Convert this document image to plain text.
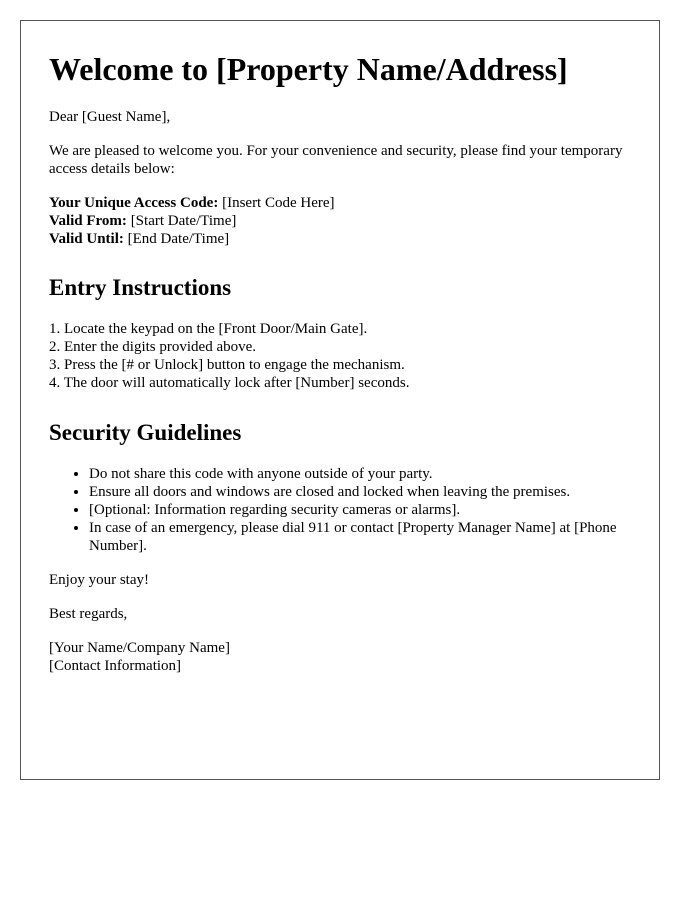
Welcome to [Property Name/Address]

Dear [Guest Name],

We are pleased to welcome you. For your convenience and security, please find your temporary access details below:

Your Unique Access Code: [Insert Code Here]
Valid From: [Start Date/Time]
Valid Until: [End Date/Time]
Entry Instructions
1. Locate the keypad on the [Front Door/Main Gate].
2. Enter the digits provided above.
3. Press the [# or Unlock] button to engage the mechanism.
4. The door will automatically lock after [Number] seconds.
Security Guidelines
• Do not share this code with anyone outside of your party.
• Ensure all doors and windows are closed and locked when leaving the premises.
• [Optional: Information regarding security cameras or alarms].
• In case of an emergency, please dial 911 or contact [Property Manager Name] at [Phone Number].

Enjoy your stay!

Best regards,

[Your Name/Company Name]
[Contact Information]
